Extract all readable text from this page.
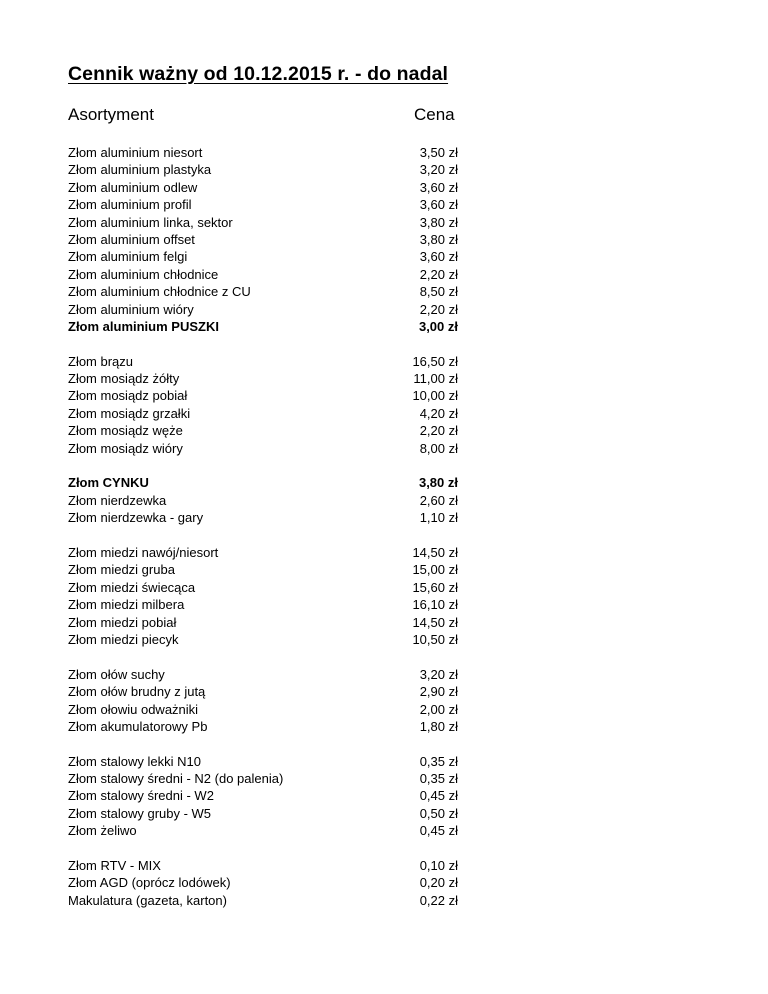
Cennik ważny od 10.12.2015 r. - do nadal
Asortyment	Cena
Złom aluminium niesort	3,50 zł
Złom aluminium plastyka	3,20 zł
Złom aluminium odlew	3,60 zł
Złom aluminium profil	3,60 zł
Złom aluminium linka, sektor	3,80 zł
Złom aluminium offset	3,80 zł
Złom aluminium felgi	3,60 zł
Złom aluminium chłodnice	2,20 zł
Złom aluminium chłodnice z CU	8,50 zł
Złom aluminium wióry	2,20 zł
Złom aluminium PUSZKI	3,00 zł
Złom brązu	16,50 zł
Złom mosiądz żółty	11,00 zł
Złom mosiądz pobiał	10,00 zł
Złom mosiądz grzałki	4,20 zł
Złom mosiądz węże	2,20 zł
Złom mosiądz wióry	8,00 zł
Złom CYNKU	3,80 zł
Złom nierdzewka	2,60 zł
Złom nierdzewka - gary	1,10 zł
Złom miedzi nawój/niesort	14,50 zł
Złom miedzi gruba	15,00 zł
Złom miedzi świecąca	15,60 zł
Złom miedzi milbera	16,10 zł
Złom miedzi pobiał	14,50 zł
Złom miedzi piecyk	10,50 zł
Złom ołów suchy	3,20 zł
Złom ołów brudny z jutą	2,90 zł
Złom ołowiu odważniki	2,00 zł
Złom akumulatorowy Pb	1,80 zł
Złom stalowy lekki N10	0,35 zł
Złom stalowy średni - N2 (do palenia)	0,35 zł
Złom stalowy średni - W2	0,45 zł
Złom stalowy gruby - W5	0,50 zł
Złom żeliwo	0,45 zł
Złom RTV - MIX	0,10 zł
Złom AGD (oprócz lodówek)	0,20 zł
Makulatura (gazeta, karton)	0,22 zł
